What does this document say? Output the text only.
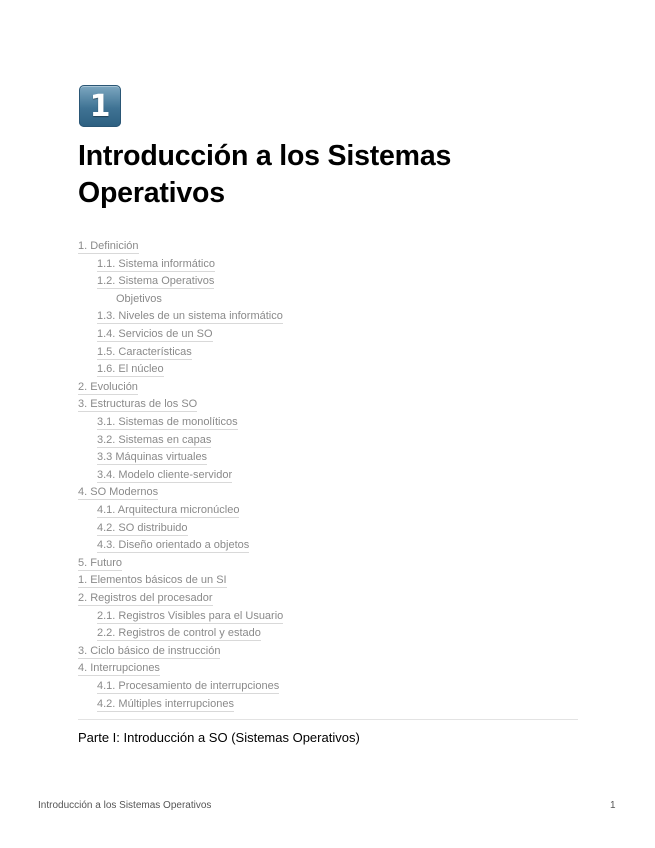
1
Introducción a los Sistemas
Operativos
1. Definición
1.1. Sistema informático
1.2. Sistema Operativos
Objetivos
1.3. Niveles de un sistema informático
1.4. Servicios de un SO
1.5. Características
1.6. El núcleo
2. Evolución
3. Estructuras de los SO
3.1. Sistemas de monolíticos
3.2. Sistemas en capas
3.3 Máquinas virtuales
3.4. Modelo cliente-servidor
4. SO Modernos
4.1. Arquitectura micronúcleo
4.2. SO distribuido
4.3. Diseño orientado a objetos
5. Futuro
1. Elementos básicos de un SI
2. Registros del procesador
2.1. Registros Visibles para el Usuario
2.2. Registros de control y estado
3. Ciclo básico de instrucción
4. Interrupciones
4.1. Procesamiento de interrupciones
4.2. Múltiples interrupciones
Parte I: Introducción a SO (Sistemas Operativos)
Introducción a los Sistemas Operativos	1
